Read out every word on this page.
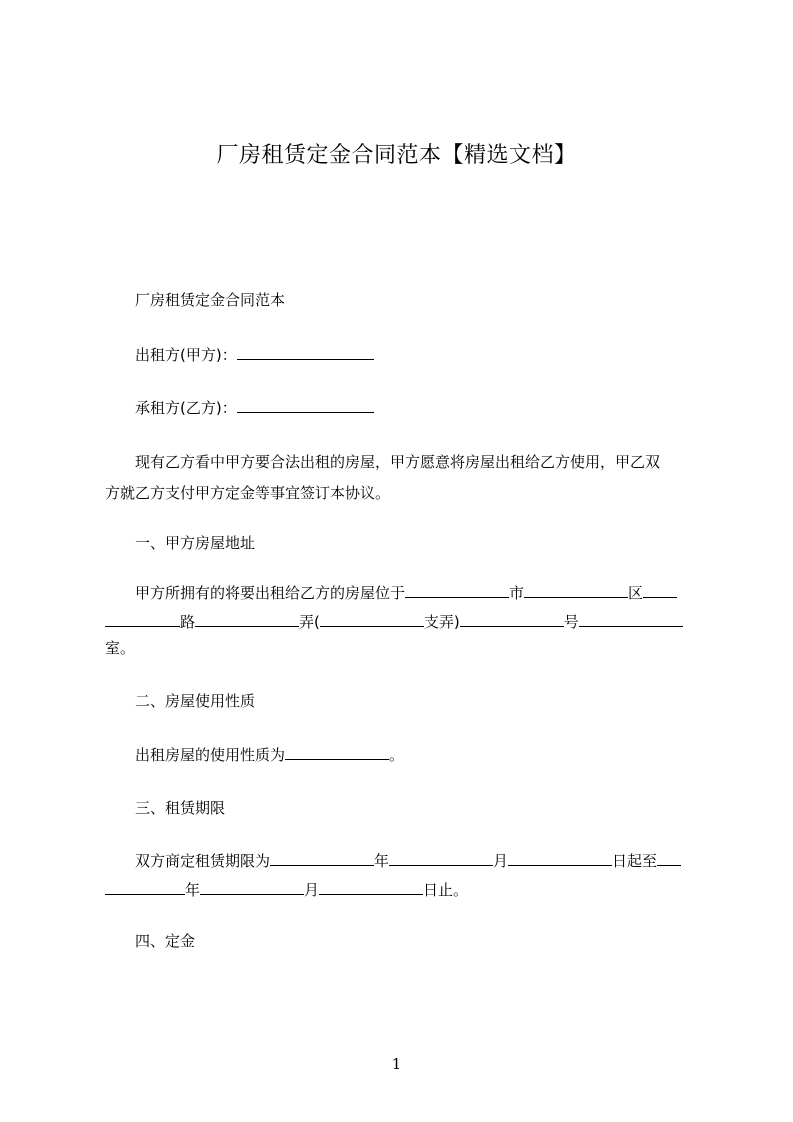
厂房租赁定金合同范本【精选文档】
厂房租赁定金合同范本
出租方(甲方)：
承租方(乙方)：
现有乙方看中甲方要合法出租的房屋，甲方愿意将房屋出租给乙方使用，甲乙双
方就乙方支付甲方定金等事宜签订本协议。
一、甲方房屋地址
甲方所拥有的将要出租给乙方的房屋位于	市	区
路	弄(	支弄)	号
室。
二、房屋使用性质
出租房屋的使用性质为	。
三、租赁期限
双方商定租赁期限为	年	月	日起至
年	月	日止。
四、定金
1
